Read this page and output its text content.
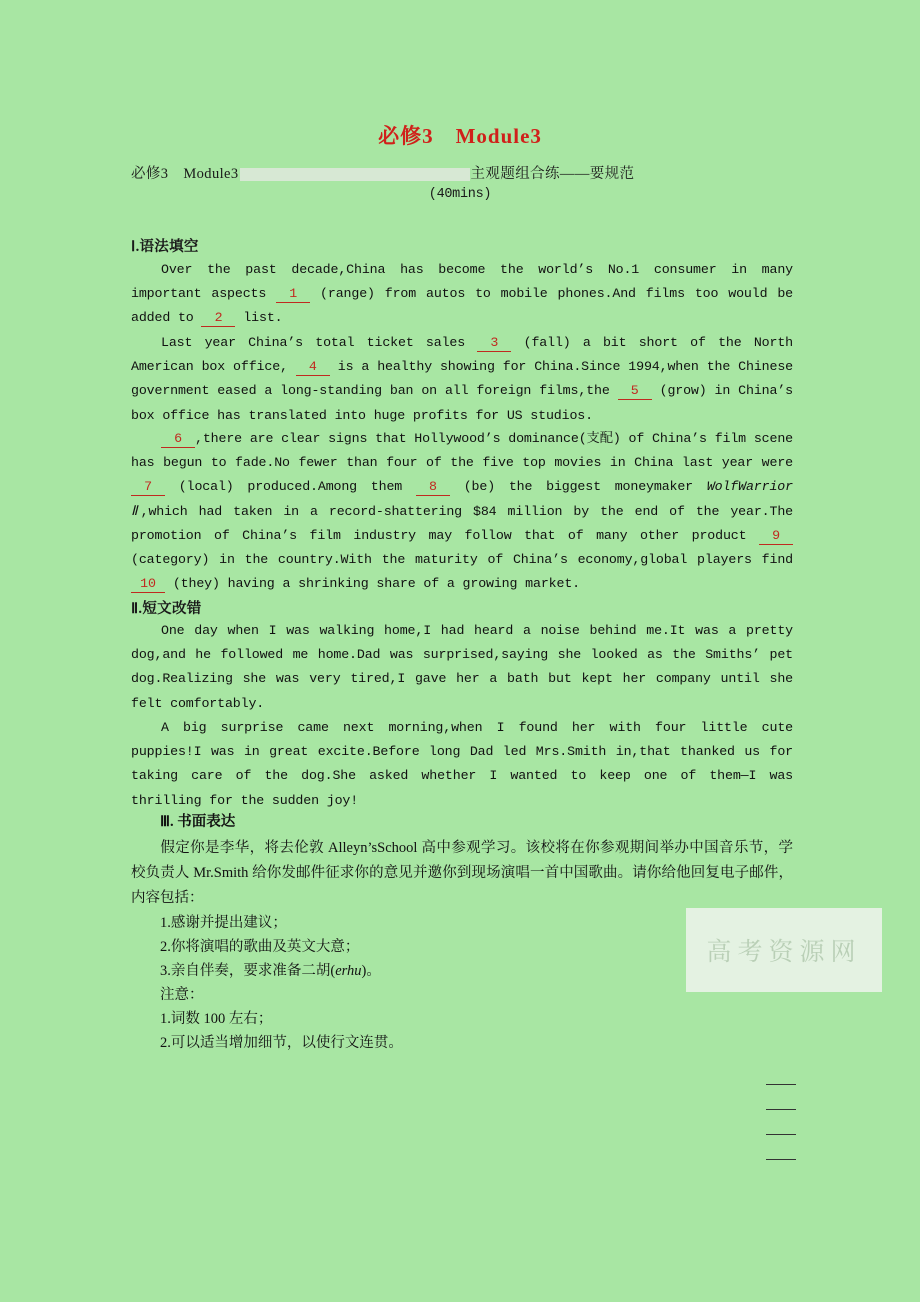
必修3　Module3
必修3　Module3	主观题组合练——要规范
(40mins)
Ⅰ.语法填空
Over the past decade,China has become the world’s No.1 consumer in many important aspects 1 (range) from autos to mobile phones.And films too would be added to 2 list.
Last year China’s total ticket sales 3 (fall) a bit short of the North American box office, 4 is a healthy showing for China.Since 1994,when the Chinese government eased a long-standing ban on all foreign films,the 5 (grow) in China’s box office has translated into huge profits for US studios.
6 ,there are clear signs that Hollywood’s dominance(支配) of China’s film scene has begun to fade.No fewer than four of the five top movies in China last year were 7 (local) produced.Among them 8 (be) the biggest moneymaker WolfWarrior Ⅱ,which had taken in a record-shattering $84 million by the end of the year.The promotion of China’s film industry may follow that of many other product 9 (category) in the country.With the maturity of China’s economy,global players find 10 (they) having a shrinking share of a growing market.
Ⅱ.短文改错
One day when I was walking home,I had heard a noise behind me.It was a pretty dog,and he followed me home.Dad was surprised,saying she looked as the Smiths’ pet dog.Realizing she was very tired,I gave her a bath but kept her company until she felt comfortably.
A big surprise came next morning,when I found her with four little cute puppies!I was in great excite.Before long Dad led Mrs.Smith in,that thanked us for taking care of the dog.She asked whether I wanted to keep one of them—I was thrilling for the sudden joy!
Ⅲ. 书面表达
假定你是李华，将去伦敦 Alleyn’sSchool 高中参观学习。该校将在你参观期间举办中国音乐节，学校负责人 Mr.Smith 给你发邮件征求你的意见并邀你到现场演唱一首中国歌曲。请你给他回复电子邮件，内容包括：
1.感谢并提出建议；
2.你将演唱的歌曲及英文大意；
3.亲自伴奏，要求准备二胡(erhu)。
注意：
1.词数 100 左右；
2.可以适当增加细节，以使行文连贯。
高考资源网
